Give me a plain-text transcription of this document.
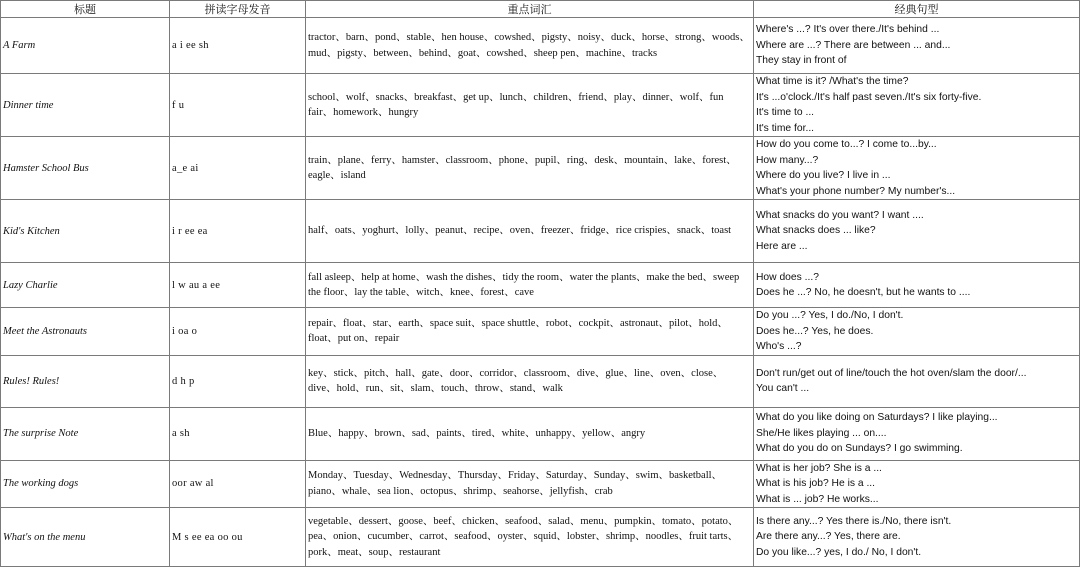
标题	拼读字母发音	重点词汇	经典句型
A Farm	a i ee sh	tractor、barn、pond、stable、hen house、cowshed、pigsty、noisy、duck、horse、strong、woods、mud、pigsty、between、behind、goat、cowshed、sheep pen、machine、tracks	Where's ...? It's over there./It's behind ...
Where are ...? There are between ... and...
They stay in front of

Dinner time	f u	school、wolf、snacks、breakfast、get up、lunch、children、friend、play、dinner、wolf、fun fair、homework、hungry	What time is it? /What's the time?
It's ...o'clock./It's half past seven./It's six forty-five.
It's time to ...
It's time for...

Hamster School Bus	a_e ai	train、plane、ferry、hamster、classroom、phone、pupil、ring、desk、mountain、lake、forest、eagle、island	How do you come to...? I come to...by...
How many...?
Where do you live? I live in ...
What's your phone number? My number's...

Kid's Kitchen	i r ee ea	half、oats、yoghurt、lolly、peanut、recipe、oven、freezer、fridge、rice crispies、snack、toast	What snacks do you want? I want ....
What snacks does ... like?
Here are ...

Lazy Charlie	l w au a ee	fall asleep、help at home、wash the dishes、tidy the room、water the plants、make the bed、sweep the floor、lay the table、witch、knee、forest、cave	How does ...?
Does he ...? No, he doesn't, but he wants to ....

Meet the Astronauts	i oa o	repair、float、star、earth、space suit、space shuttle、robot、cockpit、astronaut、pilot、hold、float、put on、repair	Do you ...? Yes, I do./No, I don't.
Does he...? Yes, he does.
Who's ...?

Rules! Rules!	d h p	key、stick、pitch、hall、gate、door、corridor、classroom、dive、glue、line、oven、close、dive、hold、run、sit、slam、touch、throw、stand、walk	Don't run/get out of line/touch the hot oven/slam the door/...
You can't ...

The surprise Note	a sh	Blue、happy、brown、sad、paints、tired、white、unhappy、yellow、angry	What do you like doing on Saturdays? I like playing...
She/He likes playing ... on....
What do you do on Sundays? I go swimming.

The working dogs	oor aw al	Monday、Tuesday、Wednesday、Thursday、Friday、Saturday、Sunday、swim、basketball、piano、whale、sea lion、octopus、shrimp、seahorse、jellyfish、crab	What is her job? She is a ...
What is his job? He is a ...
What is ... job? He works...

What's on the menu	M s ee ea oo ou	vegetable、dessert、goose、beef、chicken、seafood、salad、menu、pumpkin、tomato、potato、pea、onion、cucumber、carrot、seafood、oyster、squid、lobster、shrimp、noodles、fruit tarts、pork、meat、soup、restaurant	Is there any...? Yes there is./No, there isn't.
Are there any...? Yes, there are.
Do you like...? yes, I do./ No, I don't.
